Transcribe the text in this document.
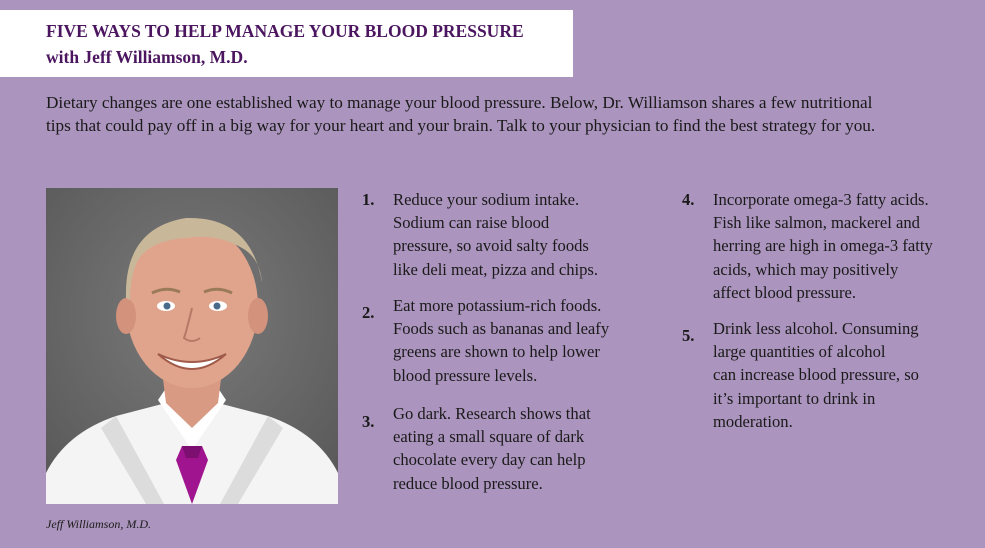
FIVE WAYS TO HELP MANAGE YOUR BLOOD PRESSURE
with Jeff Williamson, M.D.
Dietary changes are one established way to manage your blood pressure. Below, Dr. Williamson shares a few nutritional
tips that could pay off in a big way for your heart and your brain. Talk to your physician to find the best strategy for you.
Jeff Williamson, M.D.
1. Reduce your sodium intake.
Sodium can raise blood
pressure, so avoid salty foods
like deli meat, pizza and chips.
2. Eat more potassium-rich foods.
Foods such as bananas and leafy
greens are shown to help lower
blood pressure levels.
3. Go dark. Research shows that
eating a small square of dark
chocolate every day can help
reduce blood pressure.
4. Incorporate omega-3 fatty acids.
Fish like salmon, mackerel and
herring are high in omega-3 fatty
acids, which may positively
affect blood pressure.
5. Drink less alcohol. Consuming
large quantities of alcohol
can increase blood pressure, so
it’s important to drink in
moderation.
